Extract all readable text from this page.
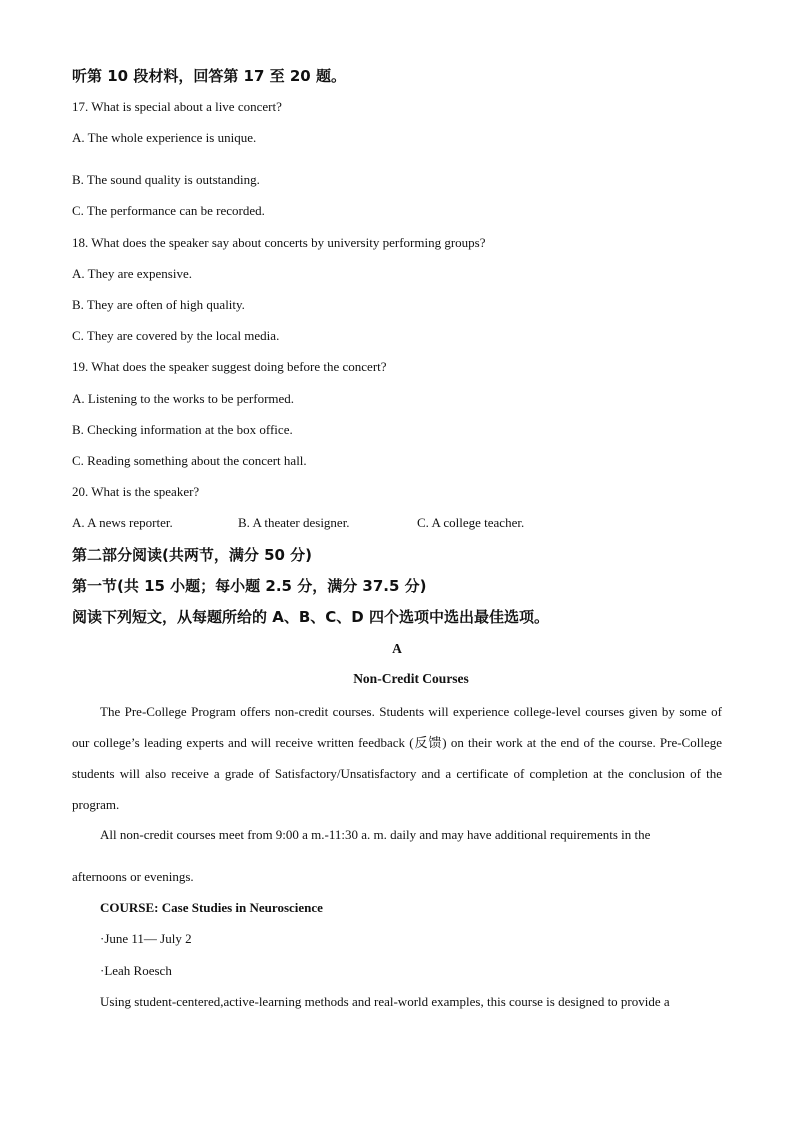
听第 10 段材料，回答第 17 至 20 题。
17. What is special about a live concert?
A. The whole experience is unique.
B. The sound quality is outstanding.
C. The performance can be recorded.
18. What does the speaker say about concerts by university performing groups?
A. They are expensive.
B. They are often of high quality.
C. They are covered by the local media.
19. What does the speaker suggest doing before the concert?
A. Listening to the works to be performed.
B. Checking information at the box office.
C. Reading something about the concert hall.
20. What is the speaker?
A. A news reporter.	B. A theater designer.	C. A college teacher.
第二部分阅读(共两节，满分 50 分)
第一节(共 15 小题；每小题 2.5 分，满分 37.5 分)
阅读下列短文，从每题所给的 A、B、C、D 四个选项中选出最佳选项。
A
Non-Credit Courses
The Pre-College Program offers non-credit courses. Students will experience college-level courses given by some of our college’s leading experts and will receive written feedback (反馈) on their work at the end of the course. Pre-College students will also receive a grade of Satisfactory/Unsatisfactory and a certificate of completion at the conclusion of the program.
All non-credit courses meet from 9:00 a m.-11:30 a. m. daily and may have additional requirements in the
afternoons or evenings.
COURSE: Case Studies in Neuroscience
·June 11— July 2
·Leah Roesch
Using student-centered,active-learning methods and real-world examples, this course is designed to provide a
